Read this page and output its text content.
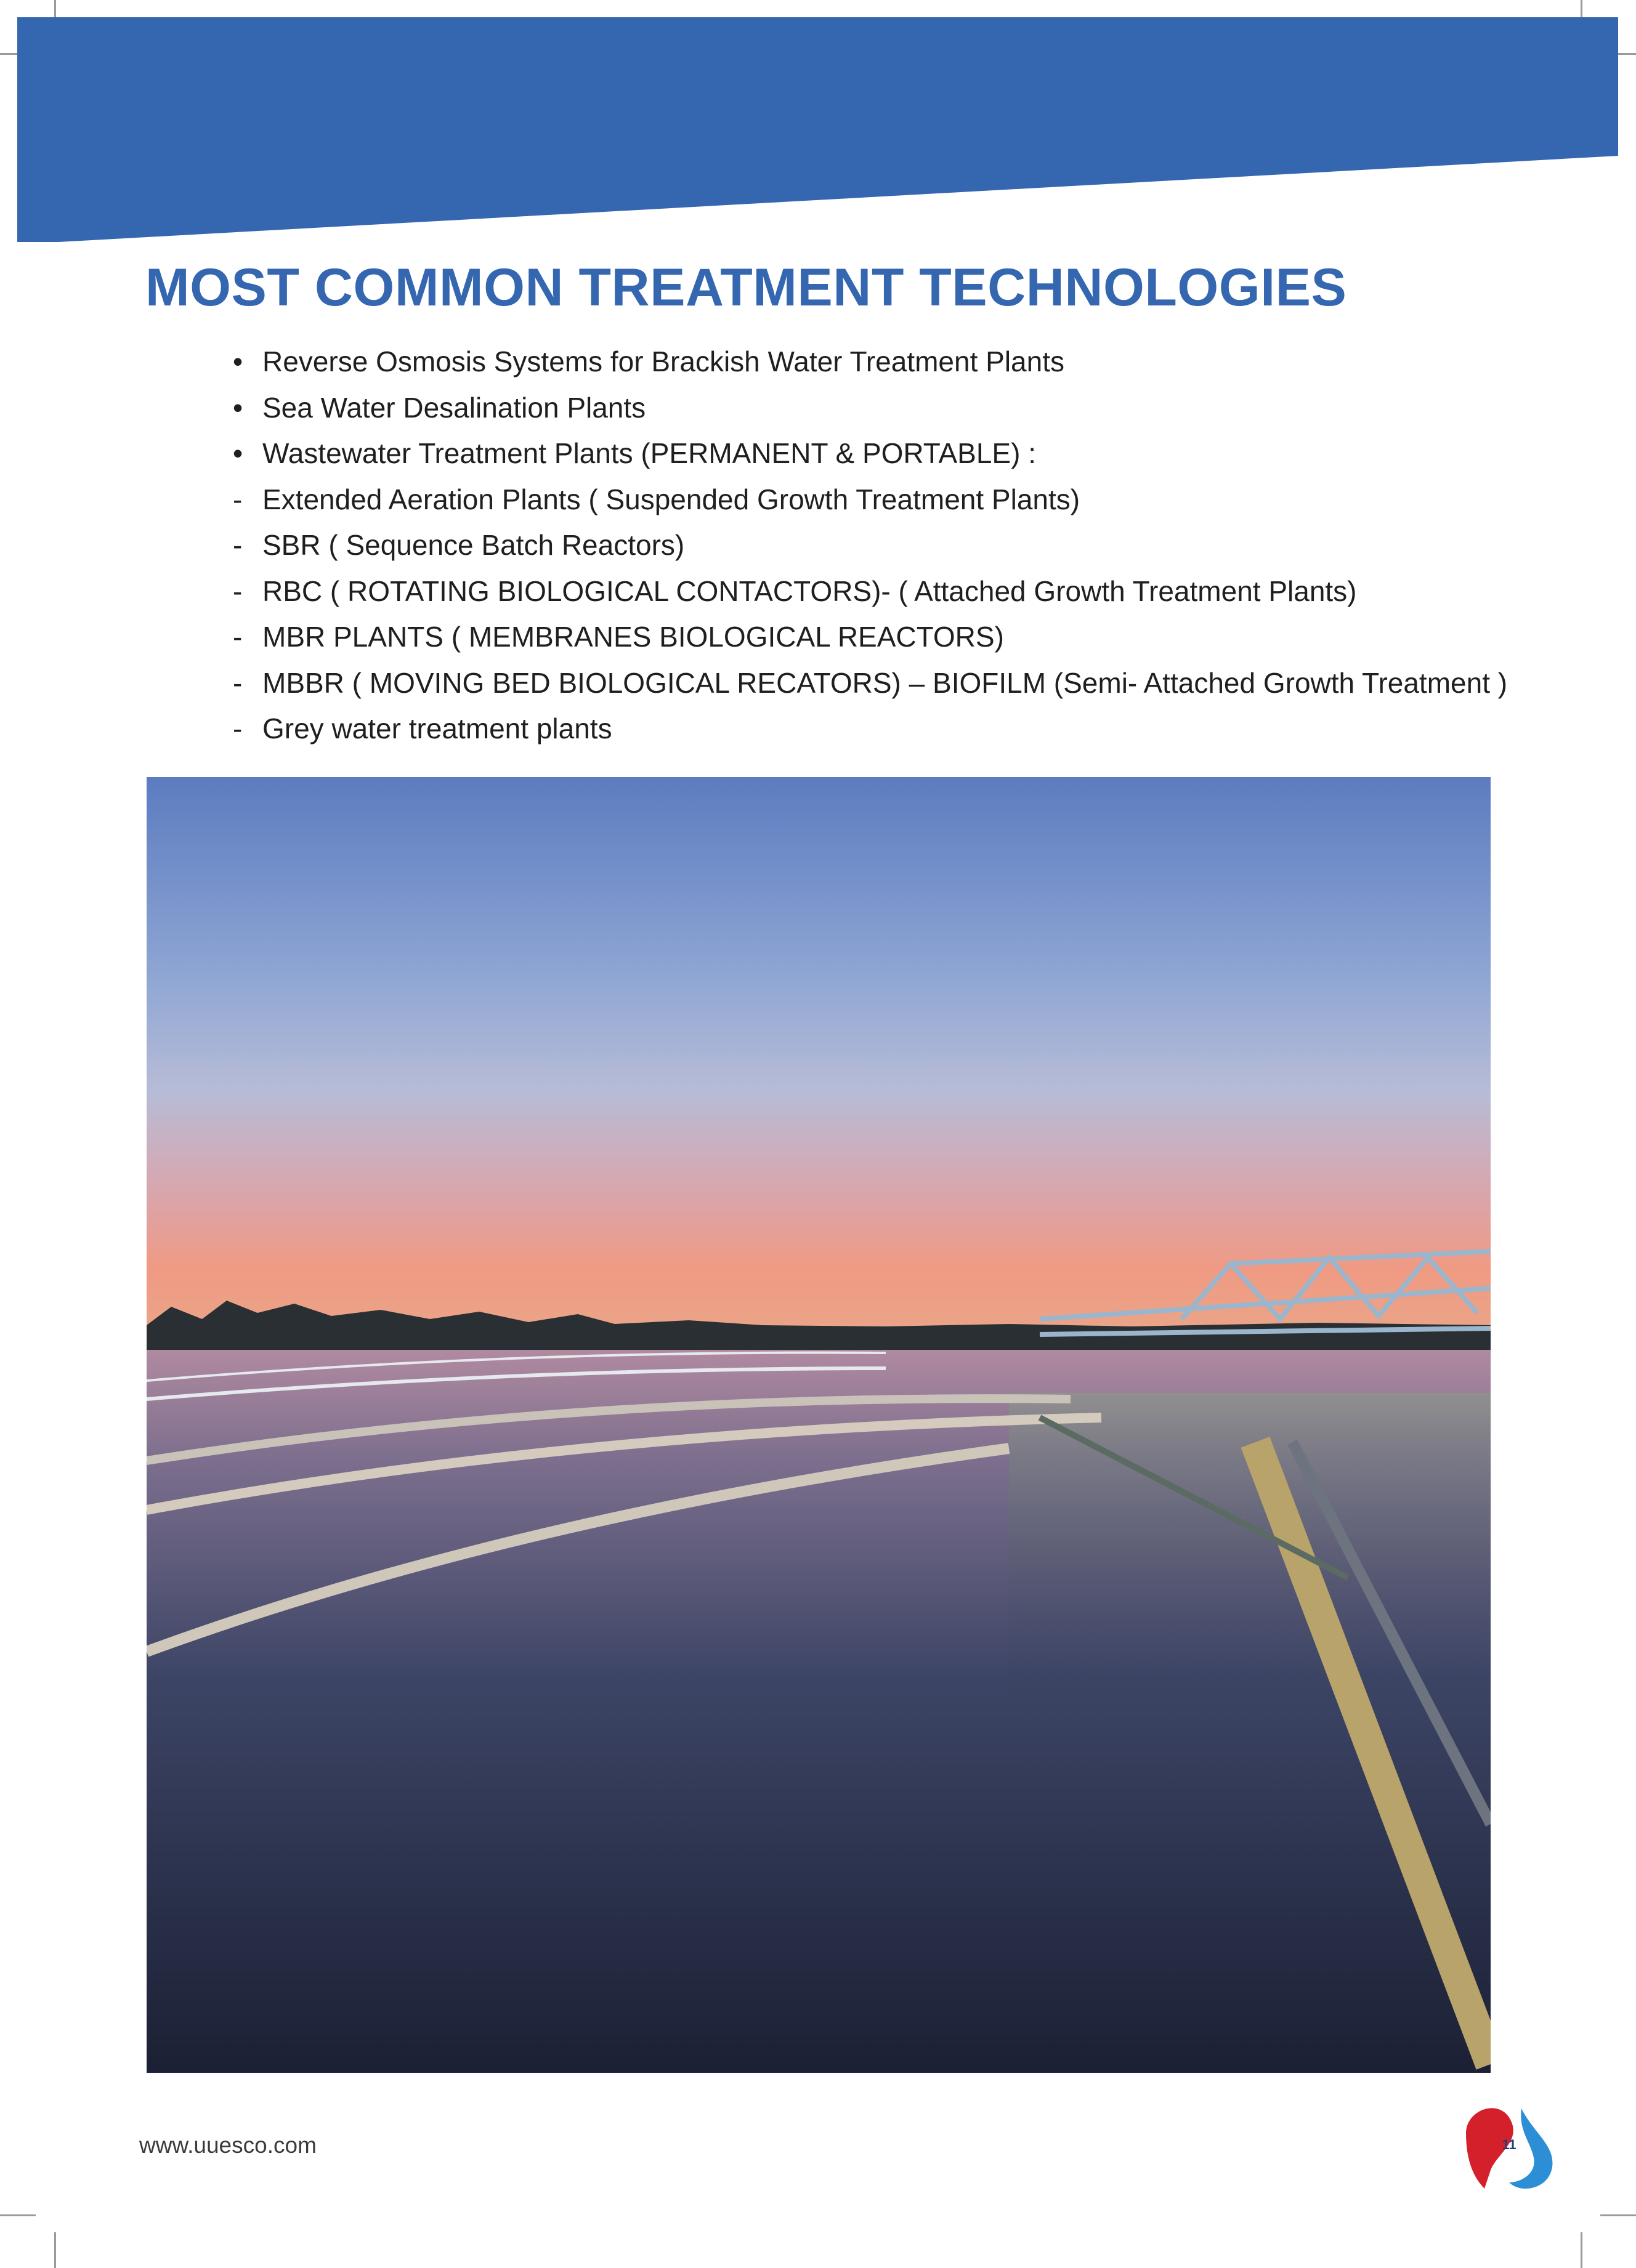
MOST COMMON TREATMENT TECHNOLOGIES
• Reverse Osmosis Systems for Brackish Water Treatment Plants
• Sea Water Desalination Plants
• Wastewater Treatment Plants (PERMANENT & PORTABLE) :
- Extended Aeration Plants ( Suspended Growth Treatment Plants)
- SBR ( Sequence Batch Reactors)
- RBC ( ROTATING BIOLOGICAL CONTACTORS)- ( Attached Growth Treatment Plants)
- MBR PLANTS ( MEMBRANES BIOLOGICAL REACTORS)
- MBBR ( MOVING BED BIOLOGICAL RECATORS) – BIOFILM (Semi- Attached Growth Treatment )
- Grey water treatment plants
www.uuesco.com	11
